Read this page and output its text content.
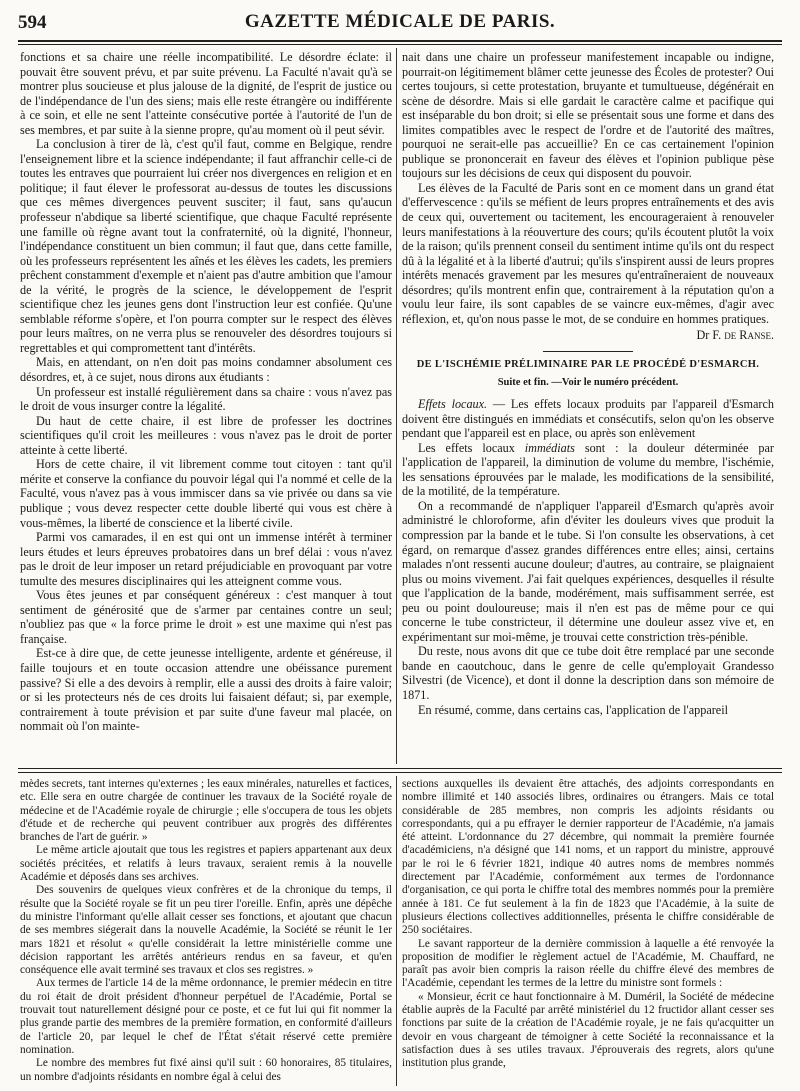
594	GAZETTE MÉDICALE DE PARIS.

fonctions et sa chaire une réelle incompatibilité. Le désordre éclate: il pouvait être souvent prévu, et par suite prévenu. La Faculté n'avait qu'à se montrer plus soucieuse et plus jalouse de la dignité, de l'esprit de justice ou de l'indépendance de l'un des siens; mais elle reste étrangère ou indifférente à ce soin, et elle ne sent l'atteinte consécutive portée à l'autorité de l'un de ses membres, et par suite à la sienne propre, qu'au moment où il peut sévir.

La conclusion à tirer de là, c'est qu'il faut, comme en Belgique, rendre l'enseignement libre et la science indépendante; il faut affranchir celle-ci de toutes les entraves que pourraient lui créer nos divergences en religion et en politique; il faut élever le professorat au-dessus de toutes les discussions que ces mêmes divergences peuvent susciter; il faut, sans qu'aucun professeur n'abdique sa liberté scientifique, que chaque Faculté représente une famille où règne avant tout la confraternité, où la dignité, l'honneur, l'indépendance constituent un bien commun; il faut que, dans cette famille, où les professeurs représentent les aînés et les élèves les cadets, les premiers prêchent constamment d'exemple et n'aient pas d'autre ambition que l'amour de la vérité, le progrès de la science, le développement de l'esprit scientifique chez les jeunes gens dont l'instruction leur est confiée. Qu'une semblable réforme s'opère, et l'on pourra compter sur le respect des élèves pour leurs maîtres, on ne verra plus se renouveler des désordres toujours si regrettables et qui compromettent tant d'intérêts.

Mais, en attendant, on n'en doit pas moins condamner absolument ces désordres, et, à ce sujet, nous dirons aux étudiants :

Un professeur est installé régulièrement dans sa chaire : vous n'avez pas le droit de vous insurger contre la légalité.

Du haut de cette chaire, il est libre de professer les doctrines scientifiques qu'il croit les meilleures : vous n'avez pas le droit de porter atteinte à cette liberté.

Hors de cette chaire, il vit librement comme tout citoyen : tant qu'il mérite et conserve la confiance du pouvoir légal qui l'a nommé et celle de la Faculté, vous n'avez pas à vous immiscer dans sa vie privée ou dans sa vie publique ; vous devez respecter cette double liberté qui vous est chère à vous-mêmes, la liberté de conscience et la liberté civile.

Parmi vos camarades, il en est qui ont un immense intérêt à terminer leurs études et leurs épreuves probatoires dans un bref délai : vous n'avez pas le droit de leur imposer un retard préjudiciable en provoquant par votre tumulte des mesures disciplinaires qui les atteignent comme vous.

Vous êtes jeunes et par conséquent généreux : c'est manquer à tout sentiment de générosité que de s'armer par centaines contre un seul; n'oubliez pas que « la force prime le droit » est une maxime qui n'est pas française.

Est-ce à dire que, de cette jeunesse intelligente, ardente et généreuse, il faille toujours et en toute occasion attendre une obéissance purement passive? Si elle a des devoirs à remplir, elle a aussi des droits à faire valoir; or si les protecteurs nés de ces droits lui faisaient défaut; si, par exemple, contrairement à toute prévision et par suite d'une faveur mal placée, on nommait où l'on mainte-

nait dans une chaire un professeur manifestement incapable ou indigne, pourrait-on légitimement blâmer cette jeunesse des Écoles de protester? Oui certes toujours, si cette protestation, bruyante et tumultueuse, dégénérait en scène de désordre. Mais si elle gardait le caractère calme et pacifique qui est inséparable du bon droit; si elle se présentait sous une forme et dans des limites compatibles avec le respect de l'ordre et de l'autorité des maîtres, pourquoi ne serait-elle pas accueillie? En ce cas certainement l'opinion publique se prononcerait en faveur des élèves et l'opinion publique pèse toujours sur les décisions de ceux qui disposent du pouvoir.

Les élèves de la Faculté de Paris sont en ce moment dans un grand état d'effervescence : qu'ils se méfient de leurs propres entraînements et des avis de ceux qui, ouvertement ou tacitement, les encourageraient à renouveler leurs manifestations à la réouverture des cours; qu'ils écoutent plutôt la voix de la raison; qu'ils prennent conseil du sentiment intime qu'ils ont du respect dû à la légalité et à la liberté d'autrui; qu'ils s'inspirent aussi de leurs propres intérêts menacés gravement par les mesures qu'entraîneraient de nouveaux désordres; qu'ils montrent enfin que, contrairement à la réputation qu'on a voulu leur faire, ils sont capables de se vaincre eux-mêmes, d'agir avec réflexion, et, qu'on nous passe le mot, de se conduire en hommes pratiques.

Dr F. de Ranse.
DE L'ISCHÉMIE PRÉLIMINAIRE PAR LE PROCÉDÉ D'ESMARCH.
Suite et fin. —Voir le numéro précédent.

Effets locaux. — Les effets locaux produits par l'appareil d'Esmarch doivent être distingués en immédiats et consécutifs, selon qu'on les observe pendant que l'appareil est en place, ou après son enlèvement

Les effets locaux immédiats sont : la douleur déterminée par l'application de l'appareil, la diminution de volume du membre, l'ischémie, les sensations éprouvées par le malade, les modifications de la sensibilité, de la motilité, de la température.

On a recommandé de n'appliquer l'appareil d'Esmarch qu'après avoir administré le chloroforme, afin d'éviter les douleurs vives que produit la compression par la bande et le tube. Si l'on consulte les observations, à cet égard, on remarque d'assez grandes différences entre elles; ainsi, certains malades n'ont ressenti aucune douleur; d'autres, au contraire, se plaignaient plus ou moins vivement. J'ai fait quelques expériences, desquelles il résulte que l'application de la bande, modérément, mais suffisamment serrée, est peu ou point douloureuse; mais il n'en est pas de même pour ce qui concerne le tube constricteur, il détermine une douleur assez vive et, en expérimentant sur moi-même, je trouvai cette constriction très-pénible.

Du reste, nous avons dit que ce tube doit être remplacé par une seconde bande en caoutchouc, dans le genre de celle qu'employait Grandesso Silvestri (de Vicence), et dont il donne la description dans son mémoire de 1871.

En résumé, comme, dans certains cas, l'application de l'appareil

mèdes secrets, tant internes qu'externes ; les eaux minérales, naturelles et factices, etc. Elle sera en outre chargée de continuer les travaux de la Société royale de médecine et de l'Académie royale de chirurgie ; elle s'occupera de tous les objets d'étude et de recherche qui peuvent contribuer aux progrès des différentes branches de l'art de guérir. »

Le même article ajoutait que tous les registres et papiers appartenant aux deux sociétés précitées, et relatifs à leurs travaux, seraient remis à la nouvelle Académie et déposés dans ses archives.

Des souvenirs de quelques vieux confrères et de la chronique du temps, il résulte que la Société royale se fit un peu tirer l'oreille. Enfin, après une dépêche du ministre l'informant qu'elle allait cesser ses fonctions, et ajoutant que chacun de ses membres siégerait dans la nouvelle Académie, la Société se réunit le 1er mars 1821 et résolut « qu'elle considérait la lettre ministérielle comme une décision rapportant les arrêtés antérieurs rendus en sa faveur, et qu'en conséquence elle avait terminé ses travaux et clos ses registres. »

Aux termes de l'article 14 de la même ordonnance, le premier médecin en titre du roi était de droit président d'honneur perpétuel de l'Académie, Portal se trouvait tout naturellement désigné pour ce poste, et ce fut lui qui fit nommer la plus grande partie des membres de la première formation, en conformité d'ailleurs de l'article 20, par lequel le chef de l'État s'était réservé cette première nomination.

Le nombre des membres fut fixé ainsi qu'il suit : 60 honoraires, 85 titulaires, un nombre d'adjoints résidants en nombre égal à celui des

sections auxquelles ils devaient être attachés, des adjoints correspondants en nombre illimité et 140 associés libres, ordinaires ou étrangers. Mais ce total considérable de 285 membres, non compris les adjoints résidants ou correspondants, qui a pu effrayer le dernier rapporteur de l'Académie, n'a jamais été atteint. L'ordonnance du 27 décembre, qui nommait la première fournée d'académiciens, n'a désigné que 141 noms, et un rapport du ministre, approuvé par le roi le 6 février 1821, indique 40 autres noms de membres nommés directement par l'Académie, conformément aux termes de l'ordonnance d'organisation, ce qui porta le chiffre total des membres nommés pour la première année à 181. Ce fut seulement à la fin de 1823 que l'Académie, à la suite de plusieurs élections collectives additionnelles, présenta le chiffre considérable de 250 sociétaires.

Le savant rapporteur de la dernière commission à laquelle a été renvoyée la proposition de modifier le règlement actuel de l'Académie, M. Chauffard, ne paraît pas avoir bien compris la raison réelle du chiffre élevé des membres de l'Académie, cependant les termes de la lettre du ministre sont formels :

« Monsieur, écrit ce haut fonctionnaire à M. Duméril, la Société de médecine établie auprès de la Faculté par arrêté ministériel du 12 fructidor allant cesser ses fonctions par suite de la création de l'Académie royale, je ne fais qu'acquitter un devoir en vous chargeant de témoigner à cette Société la reconnaissance et la satisfaction dues à ses utiles travaux. J'éprouverais des regrets, alors qu'une institution plus grande,
